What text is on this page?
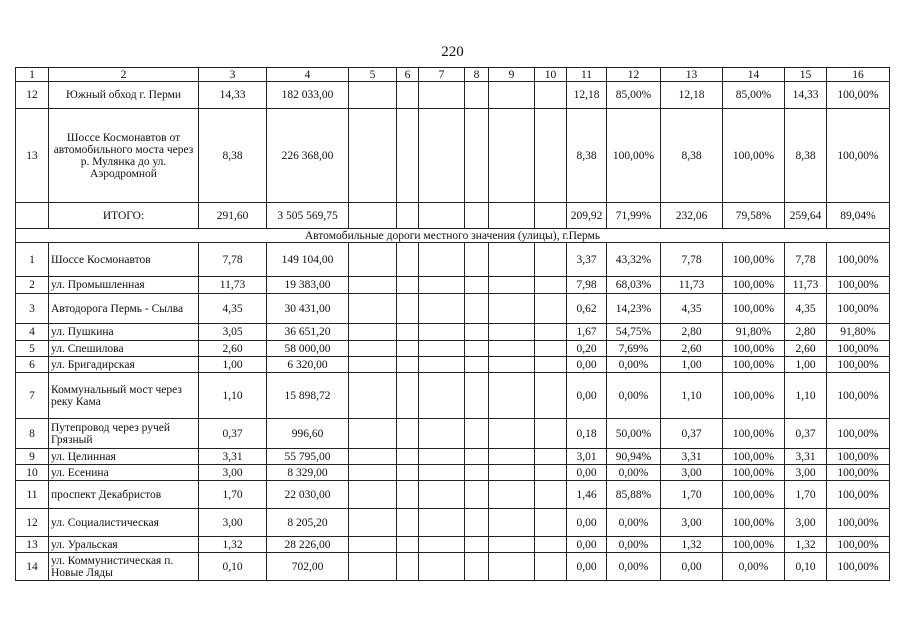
220
1	2	3	4	5	6	7	8	9	10	11	12	13	14	15	16
12	Южный обход г. Перми	14,33	182 033,00							12,18	85,00%	12,18	85,00%	14,33	100,00%
13	Шоссе Космонавтов от автомобильного моста через р. Мулянка до ул. Аэродромной	8,38	226 368,00							8,38	100,00%	8,38	100,00%	8,38	100,00%
	ИТОГО:	291,60	3 505 569,75							209,92	71,99%	232,06	79,58%	259,64	89,04%
Автомобильные дороги местного значения (улицы), г.Пермь															
1	Шоссе Космонавтов	7,78	149 104,00							3,37	43,32%	7,78	100,00%	7,78	100,00%
2	ул. Промышленная	11,73	19 383,00							7,98	68,03%	11,73	100,00%	11,73	100,00%
3	Автодорога Пермь - Сылва	4,35	30 431,00							0,62	14,23%	4,35	100,00%	4,35	100,00%
4	ул. Пушкина	3,05	36 651,20							1,67	54,75%	2,80	91,80%	2,80	91,80%
5	ул. Спешилова	2,60	58 000,00							0,20	7,69%	2,60	100,00%	2,60	100,00%
6	ул. Бригадирская	1,00	6 320,00							0,00	0,00%	1,00	100,00%	1,00	100,00%
7	Коммунальный мост через реку Кама	1,10	15 898,72							0,00	0,00%	1,10	100,00%	1,10	100,00%
8	Путепровод через ручей Грязный	0,37	996,60							0,18	50,00%	0,37	100,00%	0,37	100,00%
9	ул. Целинная	3,31	55 795,00							3,01	90,94%	3,31	100,00%	3,31	100,00%
10	ул. Есенина	3,00	8 329,00							0,00	0,00%	3,00	100,00%	3,00	100,00%
11	проспект Декабристов	1,70	22 030,00							1,46	85,88%	1,70	100,00%	1,70	100,00%
12	ул. Социалистическая	3,00	8 205,20							0,00	0,00%	3,00	100,00%	3,00	100,00%
13	ул. Уральская	1,32	28 226,00							0,00	0,00%	1,32	100,00%	1,32	100,00%
14	ул. Коммунистическая п. Новые Ляды	0,10	702,00							0,00	0,00%	0,00	0,00%	0,10	100,00%
